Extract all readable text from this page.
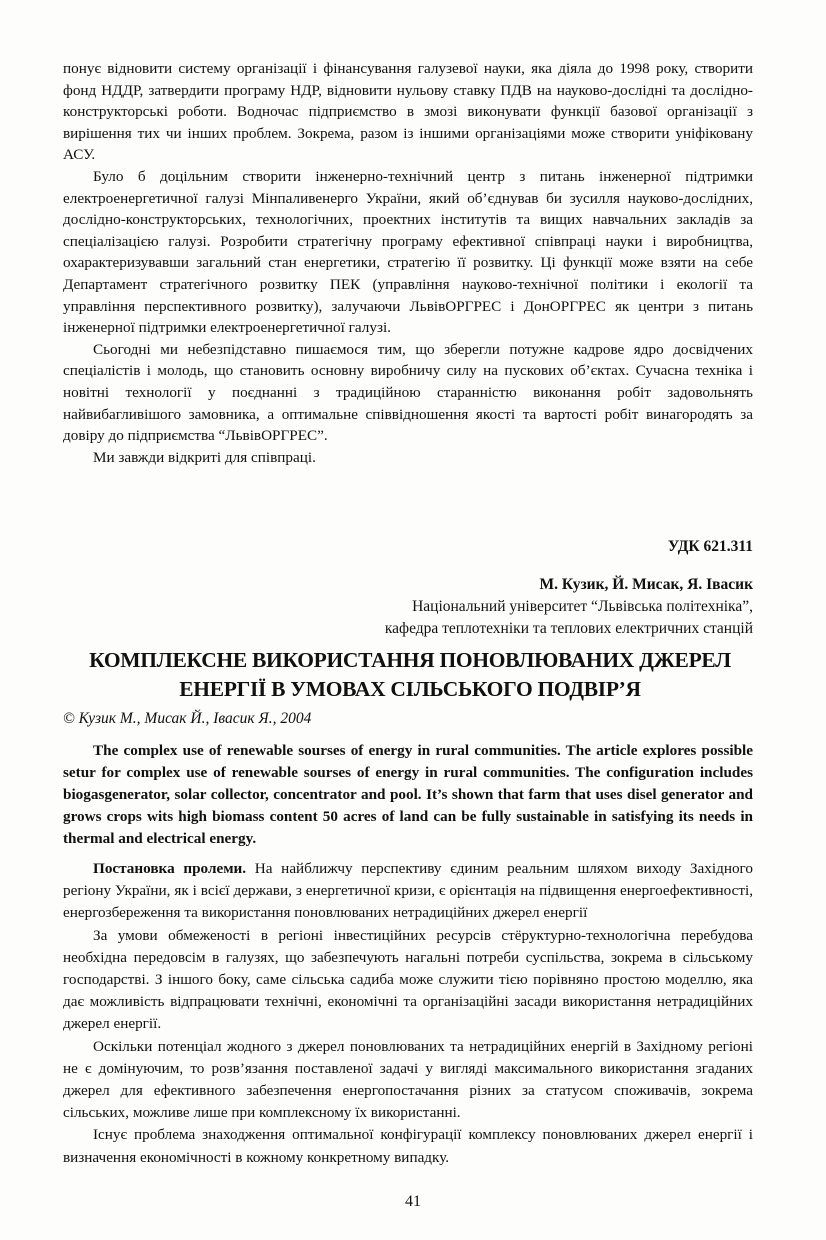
понує відновити систему організації і фінансування галузевої науки, яка діяла до 1998 року, створити фонд НДДР, затвердити програму НДР, відновити нульову ставку ПДВ на науково-дослідні та дослідно-конструкторські роботи. Водночас підприємство в змозі виконувати функції базової організації з вирішення тих чи інших проблем. Зокрема, разом із іншими організаціями може створити уніфіковану АСУ.

Було б доцільним створити інженерно-технічний центр з питань інженерної підтримки електроенергетичної галузі Мінпаливенерго України, який об’єднував би зусилля науково-дослідних, дослідно-конструкторських, технологічних, проектних інститутів та вищих навчальних закладів за спеціалізацією галузі. Розробити стратегічну програму ефективної співпраці науки і виробництва, охарактеризувавши загальний стан енергетики, стратегію її розвитку. Ці функції може взяти на себе Департамент стратегічного розвитку ПЕК (управління науково-технічної політики і екології та управління перспективного розвитку), залучаючи ЛьвівОРГРЕС і ДонОРГРЕС як центри з питань інженерної підтримки електроенергетичної галузі.

Сьогодні ми небезпідставно пишаємося тим, що зберегли потужне кадрове ядро досвідчених спеціалістів і молодь, що становить основну виробничу силу на пускових об’єктах. Сучасна техніка і новітні технології у поєднанні з традиційною старанністю виконання робіт задовольнять найвибагливішого замовника, а оптимальне співвідношення якості та вартості робіт винагородять за довіру до підприємства “ЛьвівОРГРЕС”.

Ми завжди відкриті для співпраці.

УДК 621.311
М. Кузик, Й. Мисак, Я. Івасик
Національний університет “Львівська політехніка”,
кафедра теплотехніки та теплових електричних станцій
КОМПЛЕКСНЕ ВИКОРИСТАННЯ ПОНОВЛЮВАНИХ ДЖЕРЕЛ
ЕНЕРГІЇ В УМОВАХ СІЛЬСЬКОГО ПОДВІР’Я
© Кузик М., Мисак Й., Івасик Я., 2004

The complex use of renewable sourses of energy in rural communities. The article explores possible setur for complex use of renewable sourses of energy in rural communities. The configuration includes biogasgenerator, solar collector, concentrator and pool. It’s shown that farm that uses disel generator and grows crops wits high biomass content 50 acres of land can be fully sustainable in satisfying its needs in thermal and electrical energy.

Постановка пролеми. На найближчу перспективу єдиним реальним шляхом виходу Західного регіону України, як і всієї держави, з енергетичної кризи, є орієнтація на підвищення енергоефективності, енергозбереження та використання поновлюваних нетрадиційних джерел енергії

За умови обмеженості в регіоні інвестиційних ресурсів стёруктурно-технологічна перебудова необхідна передовсім в галузях, що забезпечують нагальні потреби суспільства, зокрема в сільському господарстві. З іншого боку, саме сільська садиба може служити тією порівняно простою моделлю, яка дає можливість відпрацювати технічні, економічні та організаційні засади використання нетрадиційних джерел енергії.

Оскільки потенціал жодного з джерел поновлюваних та нетрадиційних енергій в Західному регіоні не є домінуючим, то розв’язання поставленої задачі у вигляді максимального використання згаданих джерел для ефективного забезпечення енергопостачання різних за статусом споживачів, зокрема сільських, можливе лише при комплексному їх використанні.

Існує проблема знаходження оптимальної конфігурації комплексу поновлюваних джерел енергії і визначення економічності в кожному конкретному випадку.

41
